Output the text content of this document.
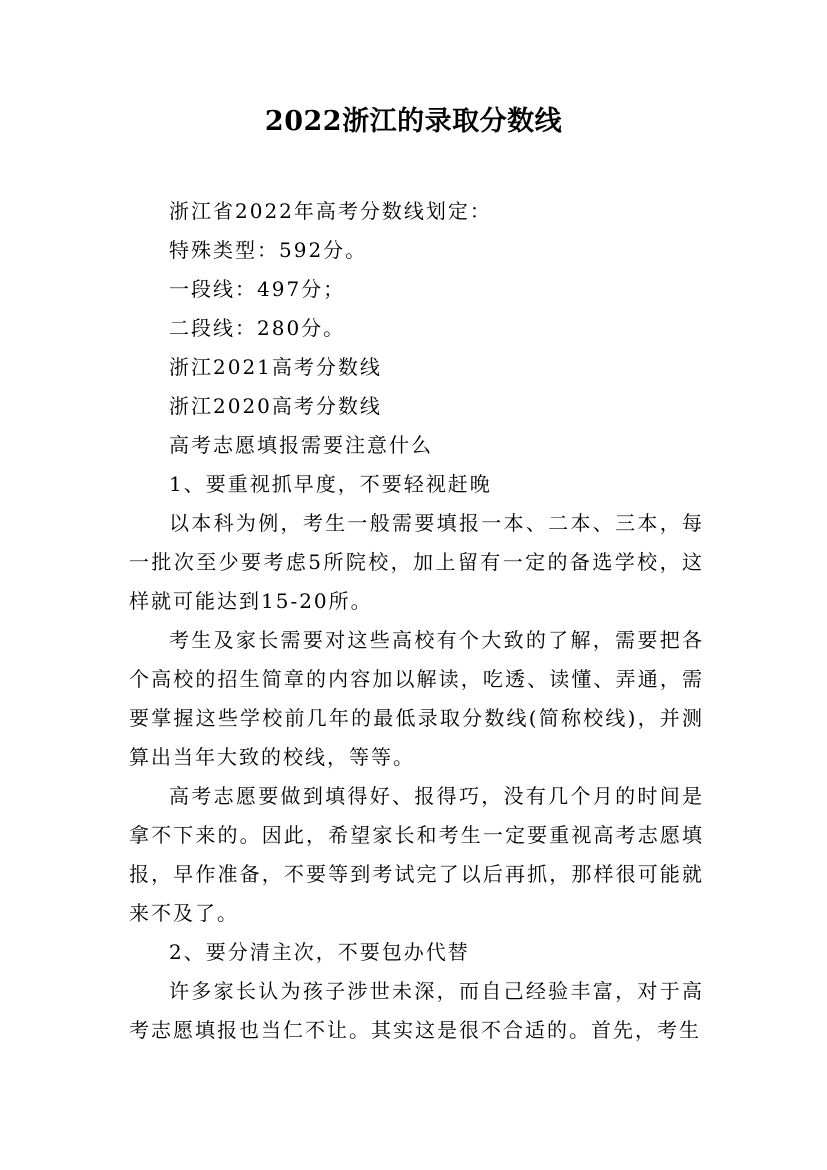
2022浙江的录取分数线

浙江省2022年高考分数线划定：

特殊类型：592分。

一段线：497分；

二段线：280分。

浙江2021高考分数线

浙江2020高考分数线

高考志愿填报需要注意什么

1、要重视抓早度，不要轻视赶晚

以本科为例，考生一般需要填报一本、二本、三本，每一批次至少要考虑5所院校，加上留有一定的备选学校，这样就可能达到15-20所。

考生及家长需要对这些高校有个大致的了解，需要把各个高校的招生简章的内容加以解读，吃透、读懂、弄通，需要掌握这些学校前几年的最低录取分数线(简称校线)，并测算出当年大致的校线，等等。

高考志愿要做到填得好、报得巧，没有几个月的时间是拿不下来的。因此，希望家长和考生一定要重视高考志愿填报，早作准备，不要等到考试完了以后再抓，那样很可能就来不及了。

2、要分清主次，不要包办代替

许多家长认为孩子涉世未深，而自己经验丰富，对于高考志愿填报也当仁不让。其实这是很不合适的。首先，考生
